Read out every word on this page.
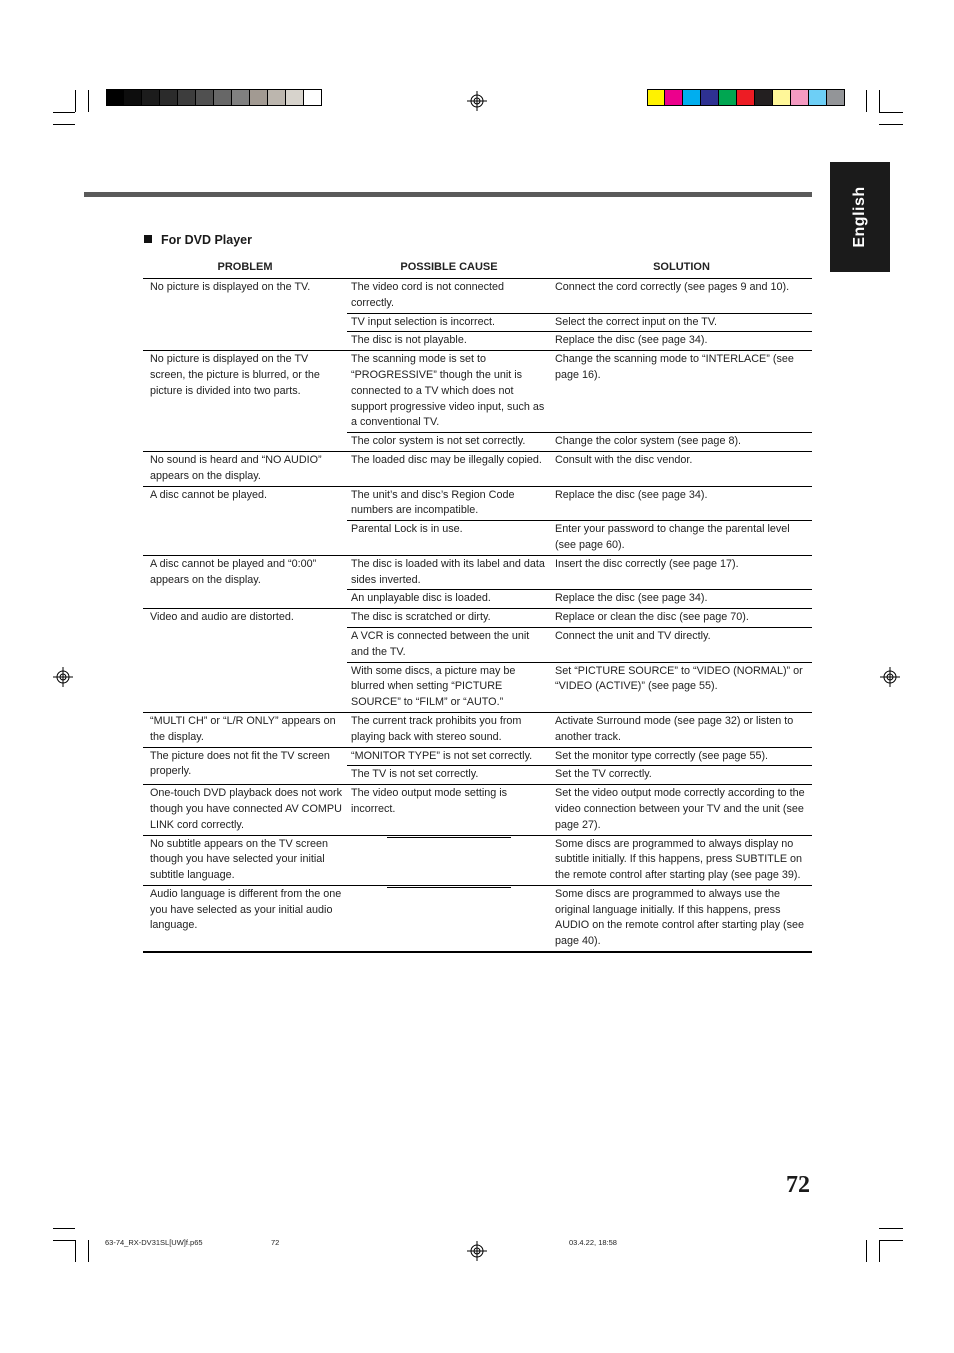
English
For DVD Player
PROBLEM	POSSIBLE CAUSE	SOLUTION
No picture is displayed on the TV.	The video cord is not connected correctly.	Connect the cord correctly (see pages 9 and 10).
	TV input selection is incorrect.	Select the correct input on the TV.
	The disc is not playable.	Replace the disc (see page 34).
No picture is displayed on the TV screen, the picture is blurred, or the picture is divided into two parts.	The scanning mode is set to “PROGRESSIVE” though the unit is connected to a TV which does not support progressive video input, such as a conventional TV.	Change the scanning mode to “INTERLACE” (see page 16).
	The color system is not set correctly.	Change the color system (see page 8).
No sound is heard and “NO AUDIO” appears on the display.	The loaded disc may be illegally copied.	Consult with the disc vendor.
A disc cannot be played.	The unit’s and disc’s Region Code numbers are incompatible.	Replace the disc (see page 34).
	Parental Lock is in use.	Enter your password to change the parental level (see page 60).
A disc cannot be played and “0:00” appears on the display.	The disc is loaded with its label and data sides inverted.	Insert the disc correctly (see page 17).
	An unplayable disc is loaded.	Replace the disc (see page 34).
Video and audio are distorted.	The disc is scratched or dirty.	Replace or clean the disc (see page 70).
	A VCR is connected between the unit and the TV.	Connect the unit and TV directly.
	With some discs, a picture may be blurred when setting “PICTURE SOURCE” to “FILM” or “AUTO.”	Set “PICTURE SOURCE” to “VIDEO (NORMAL)” or “VIDEO (ACTIVE)” (see page 55).
“MULTI CH” or “L/R ONLY” appears on the display.	The current track prohibits you from playing back with stereo sound.	Activate Surround mode (see page 32) or listen to another track.
The picture does not fit the TV screen properly.	“MONITOR TYPE” is not set correctly.	Set the monitor type correctly (see page 55).
	The TV is not set correctly.	Set the TV correctly.
One-touch DVD playback does not work though you have connected AV COMPU LINK cord correctly.	The video output mode setting is incorrect.	Set the video output mode correctly according to the video connection between your TV and the unit (see page 27).
No subtitle appears on the TV screen though you have selected your initial subtitle language.		Some discs are programmed to always display no subtitle initially. If this happens, press SUBTITLE on the remote control after starting play (see page 39).
Audio language is different from the one you have selected as your initial audio language.		Some discs are programmed to always use the original language initially. If this happens, press AUDIO on the remote control after starting play (see page 40).
72
63-74_RX-DV31SL[UW]f.p65	72	03.4.22, 18:58
